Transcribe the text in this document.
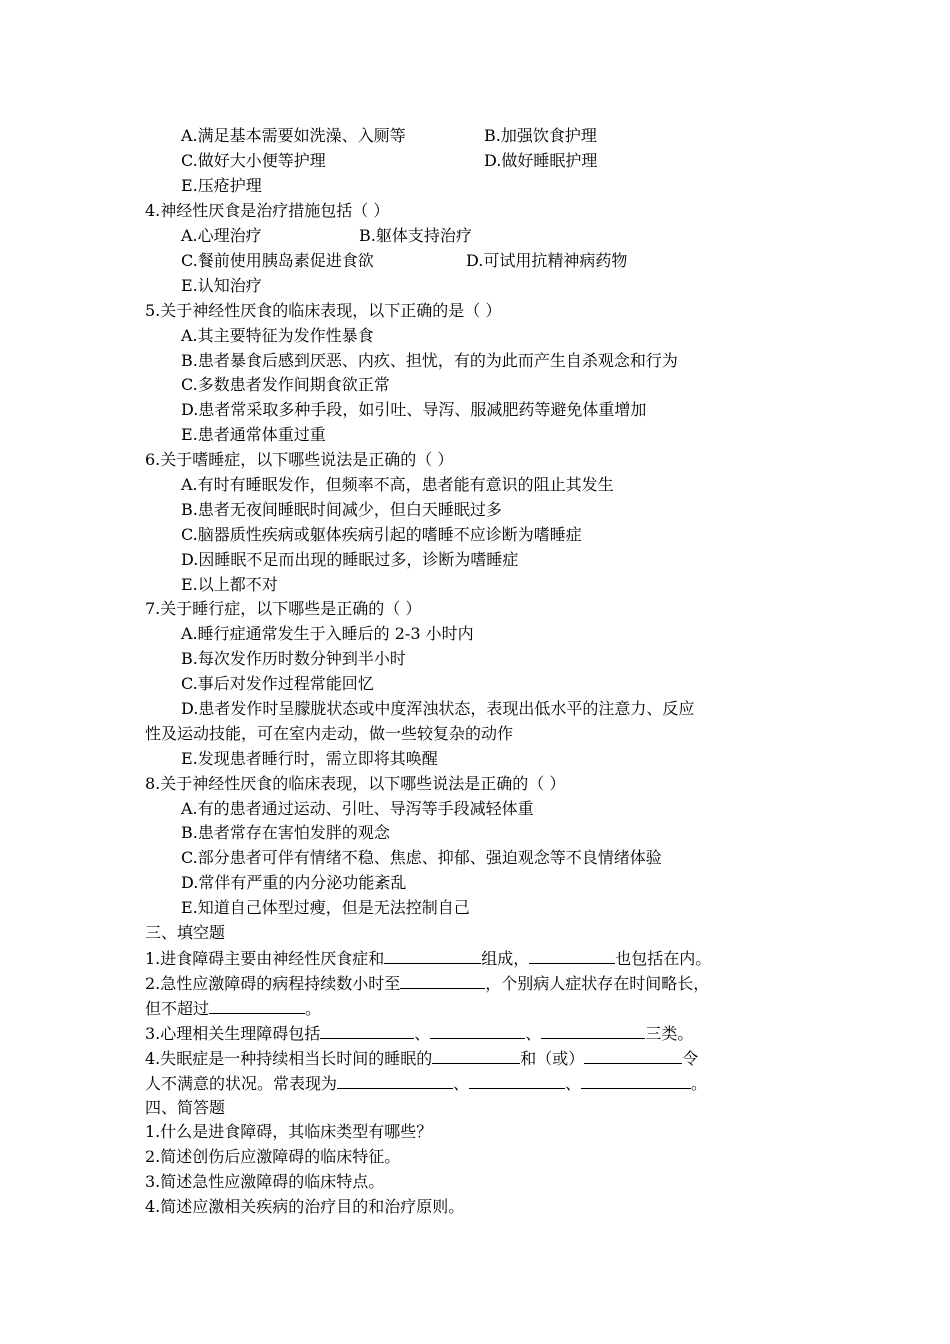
A.满足基本需要如洗澡、入厕等	B.加强饮食护理
C.做好大小便等护理	D.做好睡眠护理
E.压疮护理
4.神经性厌食是治疗措施包括（ ）
A.心理治疗	B.躯体支持治疗
C.餐前使用胰岛素促进食欲	D.可试用抗精神病药物
E.认知治疗
5.关于神经性厌食的临床表现，以下正确的是（ ）
A.其主要特征为发作性暴食
B.患者暴食后感到厌恶、内疚、担忧，有的为此而产生自杀观念和行为
C.多数患者发作间期食欲正常
D.患者常采取多种手段，如引吐、导泻、服减肥药等避免体重增加
E.患者通常体重过重
6.关于嗜睡症，以下哪些说法是正确的（ ）
A.有时有睡眠发作，但频率不高，患者能有意识的阻止其发生
B.患者无夜间睡眠时间减少，但白天睡眠过多
C.脑器质性疾病或躯体疾病引起的嗜睡不应诊断为嗜睡症
D.因睡眠不足而出现的睡眠过多，诊断为嗜睡症
E.以上都不对
7.关于睡行症，以下哪些是正确的（ ）
A.睡行症通常发生于入睡后的 2-3 小时内
B.每次发作历时数分钟到半小时
C.事后对发作过程常能回忆
D.患者发作时呈朦胧状态或中度浑浊状态，表现出低水平的注意力、反应
性及运动技能，可在室内走动，做一些较复杂的动作
E.发现患者睡行时，需立即将其唤醒
8.关于神经性厌食的临床表现，以下哪些说法是正确的（ ）
A.有的患者通过运动、引吐、导泻等手段减轻体重
B.患者常存在害怕发胖的观念
C.部分患者可伴有情绪不稳、焦虑、抑郁、强迫观念等不良情绪体验
D.常伴有严重的内分泌功能紊乱
E.知道自己体型过瘦，但是无法控制自己
三、填空题
1.进食障碍主要由神经性厌食症和	组成，	也包括在内。
2.急性应激障碍的病程持续数小时至	，个别病人症状存在时间略长，
但不超过	。
3.心理相关生理障碍包括	、	、	三类。
4.失眠症是一种持续相当长时间的睡眠的	和（或）	令
人不满意的状况。常表现为	、	、	。
四、简答题
1.什么是进食障碍，其临床类型有哪些？
2.简述创伤后应激障碍的临床特征。
3.简述急性应激障碍的临床特点。
4.简述应激相关疾病的治疗目的和治疗原则。
